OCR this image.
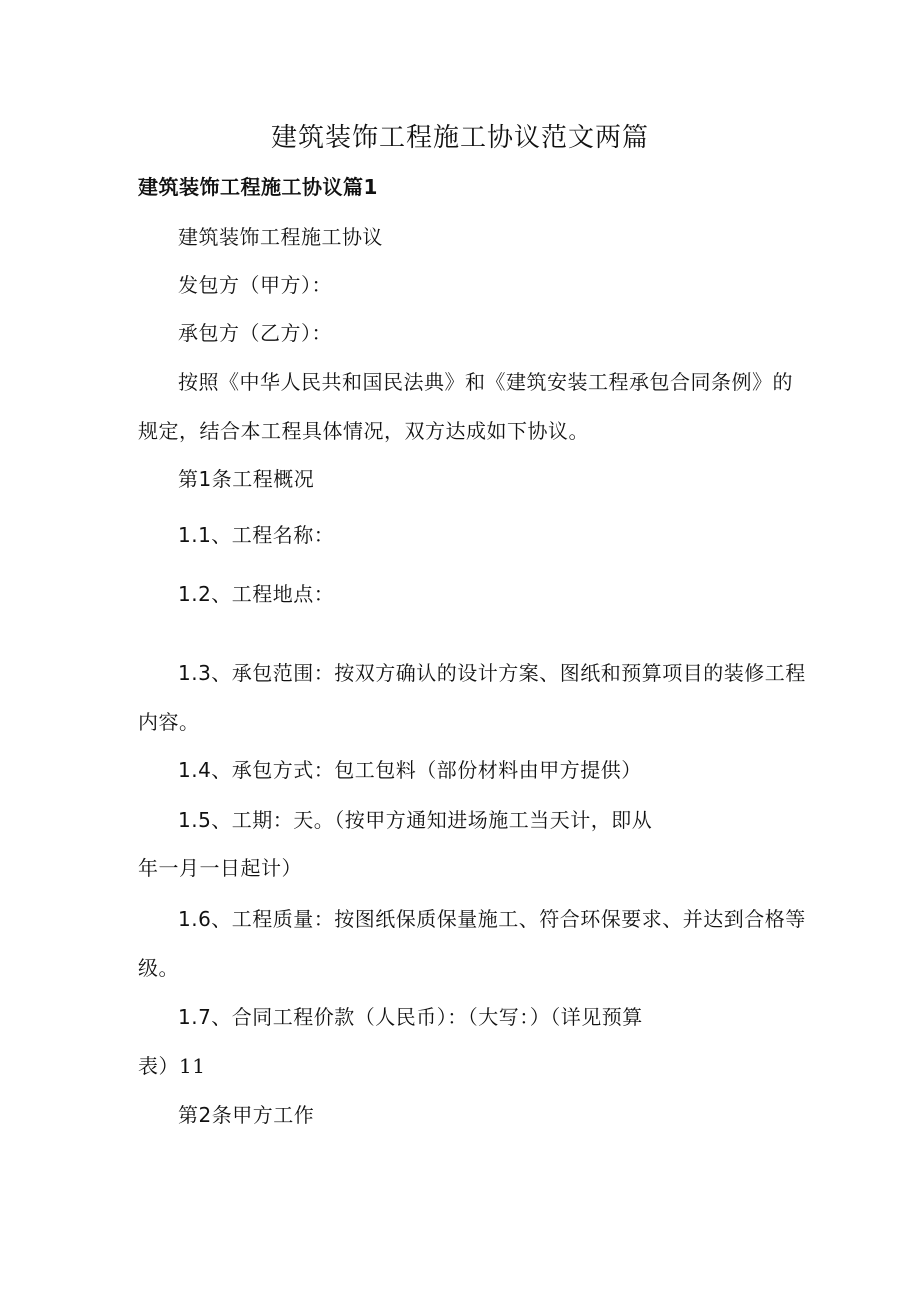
建筑装饰工程施工协议范文两篇
建筑装饰工程施工协议篇1
建筑装饰工程施工协议
发包方（甲方）：
承包方（乙方）：
按照《中华人民共和国民法典》和《建筑安装工程承包合同条例》的
规定，结合本工程具体情况，双方达成如下协议。
第1条工程概况
1.1、工程名称：
1.2、工程地点：
1.3、承包范围：按双方确认的设计方案、图纸和预算项目的装修工程
内容。
1.4、承包方式：包工包料（部份材料由甲方提供）
1.5、工期：天。（按甲方通知进场施工当天计，即从
年一月一日起计）
1.6、工程质量：按图纸保质保量施工、符合环保要求、并达到合格等
级。
1.7、合同工程价款（人民币）：（大写：）（详见预算
表）11
第2条甲方工作
